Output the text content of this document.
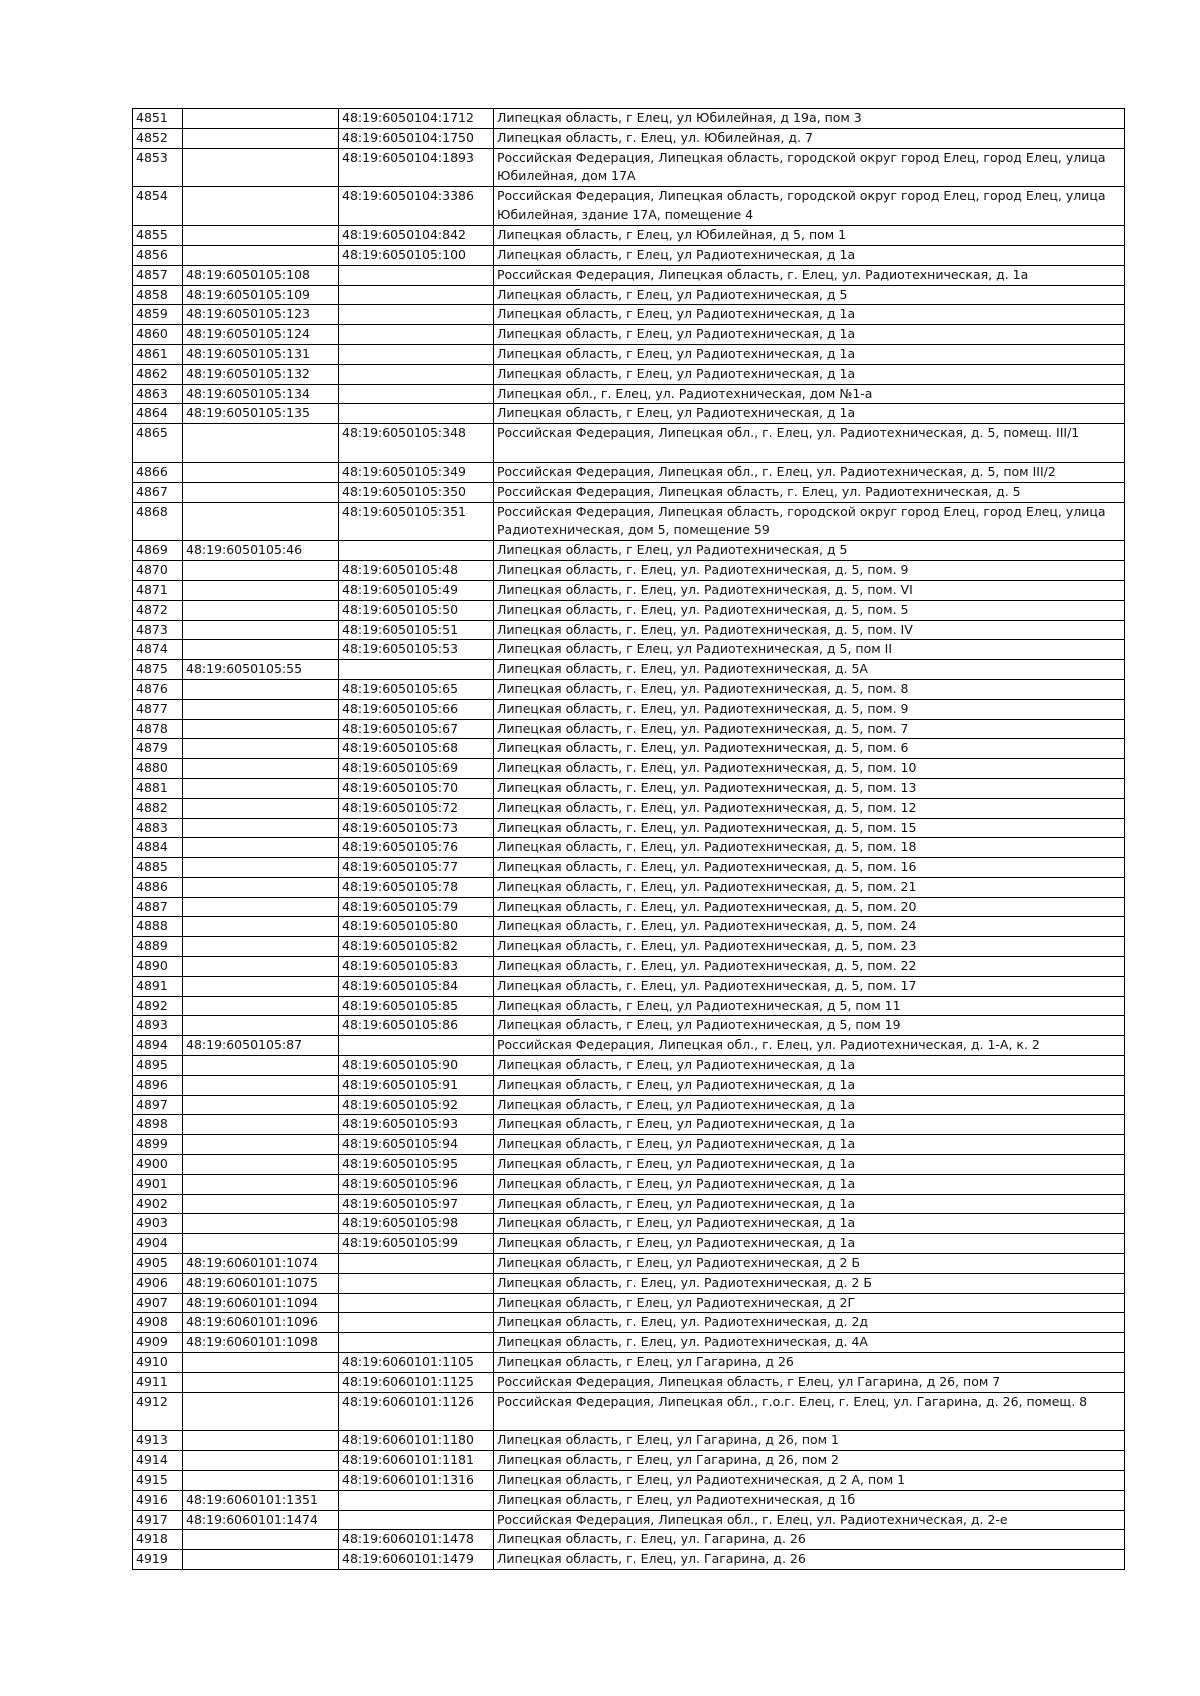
4851		48:19:6050104:1712	Липецкая область, г Елец, ул Юбилейная, д 19а, пом 3
4852		48:19:6050104:1750	Липецкая область, г. Елец, ул. Юбилейная, д. 7
4853		48:19:6050104:1893	Российская Федерация, Липецкая область, городской округ город Елец, город Елец, улица Юбилейная, дом 17А
4854		48:19:6050104:3386	Российская Федерация, Липецкая область, городской округ город Елец, город Елец, улица Юбилейная, здание 17А, помещение 4
4855		48:19:6050104:842	Липецкая область, г Елец, ул Юбилейная, д 5, пом 1
4856		48:19:6050105:100	Липецкая область, г Елец, ул Радиотехническая, д 1а
4857	48:19:6050105:108		Российская Федерация, Липецкая область, г. Елец, ул. Радиотехническая, д. 1а
4858	48:19:6050105:109		Липецкая область, г Елец, ул Радиотехническая, д 5
4859	48:19:6050105:123		Липецкая область, г Елец, ул Радиотехническая, д 1а
4860	48:19:6050105:124		Липецкая область, г Елец, ул Радиотехническая, д 1а
4861	48:19:6050105:131		Липецкая область, г Елец, ул Радиотехническая, д 1а
4862	48:19:6050105:132		Липецкая область, г Елец, ул Радиотехническая, д 1а
4863	48:19:6050105:134		Липецкая обл., г. Елец, ул. Радиотехническая, дом №1-а
4864	48:19:6050105:135		Липецкая область, г Елец, ул Радиотехническая, д 1а
4865		48:19:6050105:348	Российская Федерация, Липецкая обл., г. Елец, ул. Радиотехническая, д. 5, помещ. III/1
4866		48:19:6050105:349	Российская Федерация, Липецкая обл., г. Елец, ул. Радиотехническая, д. 5, пом III/2
4867		48:19:6050105:350	Российская Федерация, Липецкая область, г. Елец, ул. Радиотехническая, д. 5
4868		48:19:6050105:351	Российская Федерация, Липецкая область, городской округ город Елец, город Елец, улица Радиотехническая, дом 5, помещение 59
4869	48:19:6050105:46		Липецкая область, г Елец, ул Радиотехническая, д 5
4870		48:19:6050105:48	Липецкая область, г. Елец, ул. Радиотехническая, д. 5, пом. 9
4871		48:19:6050105:49	Липецкая область, г. Елец, ул. Радиотехническая, д. 5, пом. VI
4872		48:19:6050105:50	Липецкая область, г. Елец, ул. Радиотехническая, д. 5, пом. 5
4873		48:19:6050105:51	Липецкая область, г. Елец, ул. Радиотехническая, д. 5, пом. IV
4874		48:19:6050105:53	Липецкая область, г Елец, ул Радиотехническая, д 5, пом II
4875	48:19:6050105:55		Липецкая область, г. Елец, ул. Радиотехническая, д. 5А
4876		48:19:6050105:65	Липецкая область, г. Елец, ул. Радиотехническая, д. 5, пом. 8
4877		48:19:6050105:66	Липецкая область, г. Елец, ул. Радиотехническая, д. 5, пом. 9
4878		48:19:6050105:67	Липецкая область, г. Елец, ул. Радиотехническая, д. 5, пом. 7
4879		48:19:6050105:68	Липецкая область, г. Елец, ул. Радиотехническая, д. 5, пом. 6
4880		48:19:6050105:69	Липецкая область, г. Елец, ул. Радиотехническая, д. 5, пом. 10
4881		48:19:6050105:70	Липецкая область, г. Елец, ул. Радиотехническая, д. 5, пом. 13
4882		48:19:6050105:72	Липецкая область, г. Елец, ул. Радиотехническая, д. 5, пом. 12
4883		48:19:6050105:73	Липецкая область, г. Елец, ул. Радиотехническая, д. 5, пом. 15
4884		48:19:6050105:76	Липецкая область, г. Елец, ул. Радиотехническая, д. 5, пом. 18
4885		48:19:6050105:77	Липецкая область, г. Елец, ул. Радиотехническая, д. 5, пом. 16
4886		48:19:6050105:78	Липецкая область, г. Елец, ул. Радиотехническая, д. 5, пом. 21
4887		48:19:6050105:79	Липецкая область, г. Елец, ул. Радиотехническая, д. 5, пом. 20
4888		48:19:6050105:80	Липецкая область, г. Елец, ул. Радиотехническая, д. 5, пом. 24
4889		48:19:6050105:82	Липецкая область, г. Елец, ул. Радиотехническая, д. 5, пом. 23
4890		48:19:6050105:83	Липецкая область, г. Елец, ул. Радиотехническая, д. 5, пом. 22
4891		48:19:6050105:84	Липецкая область, г. Елец, ул. Радиотехническая, д. 5, пом. 17
4892		48:19:6050105:85	Липецкая область, г Елец, ул Радиотехническая, д 5, пом 11
4893		48:19:6050105:86	Липецкая область, г Елец, ул Радиотехническая, д 5, пом 19
4894	48:19:6050105:87		Российская Федерация, Липецкая обл., г. Елец, ул. Радиотехническая, д. 1-А, к. 2
4895		48:19:6050105:90	Липецкая область, г Елец, ул Радиотехническая, д 1а
4896		48:19:6050105:91	Липецкая область, г Елец, ул Радиотехническая, д 1а
4897		48:19:6050105:92	Липецкая область, г Елец, ул Радиотехническая, д 1а
4898		48:19:6050105:93	Липецкая область, г Елец, ул Радиотехническая, д 1а
4899		48:19:6050105:94	Липецкая область, г Елец, ул Радиотехническая, д 1а
4900		48:19:6050105:95	Липецкая область, г Елец, ул Радиотехническая, д 1а
4901		48:19:6050105:96	Липецкая область, г Елец, ул Радиотехническая, д 1а
4902		48:19:6050105:97	Липецкая область, г Елец, ул Радиотехническая, д 1а
4903		48:19:6050105:98	Липецкая область, г Елец, ул Радиотехническая, д 1а
4904		48:19:6050105:99	Липецкая область, г Елец, ул Радиотехническая, д 1а
4905	48:19:6060101:1074		Липецкая область, г Елец, ул Радиотехническая, д 2 Б
4906	48:19:6060101:1075		Липецкая область, г. Елец, ул. Радиотехническая, д. 2 Б
4907	48:19:6060101:1094		Липецкая область, г Елец, ул Радиотехническая, д 2Г
4908	48:19:6060101:1096		Липецкая область, г. Елец, ул. Радиотехническая, д. 2д
4909	48:19:6060101:1098		Липецкая область, г. Елец, ул. Радиотехническая, д. 4А
4910		48:19:6060101:1105	Липецкая область, г Елец, ул Гагарина, д 26
4911		48:19:6060101:1125	Российская Федерация, Липецкая область, г Елец, ул Гагарина, д 26, пом 7
4912		48:19:6060101:1126	Российская Федерация, Липецкая обл., г.о.г. Елец, г. Елец, ул. Гагарина, д. 26, помещ. 8
4913		48:19:6060101:1180	Липецкая область, г Елец, ул Гагарина, д 26, пом 1
4914		48:19:6060101:1181	Липецкая область, г Елец, ул Гагарина, д 26, пом 2
4915		48:19:6060101:1316	Липецкая область, г Елец, ул Радиотехническая, д 2 А, пом 1
4916	48:19:6060101:1351		Липецкая область, г Елец, ул Радиотехническая, д 1б
4917	48:19:6060101:1474		Российская Федерация, Липецкая обл., г. Елец, ул. Радиотехническая, д. 2-е
4918		48:19:6060101:1478	Липецкая область, г. Елец, ул. Гагарина, д. 26
4919		48:19:6060101:1479	Липецкая область, г. Елец, ул. Гагарина, д. 26
